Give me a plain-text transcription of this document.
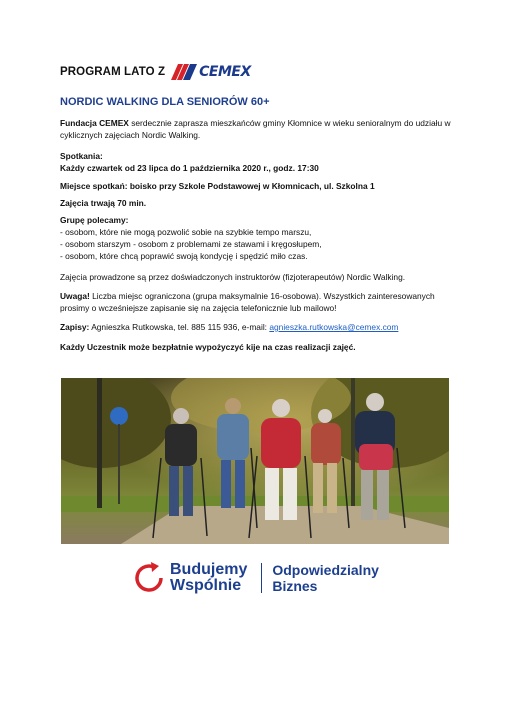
PROGRAM LATO Z CEMEX
NORDIC WALKING DLA SENIORÓW 60+
Fundacja CEMEX serdecznie zaprasza mieszkańców gminy Kłomnice w wieku senioralnym do udziału w cyklicznych zajęciach Nordic Walking.
Spotkania:
Każdy czwartek od 23 lipca do 1 października 2020 r., godz. 17:30
Miejsce spotkań: boisko przy Szkole Podstawowej w Kłomnicach, ul. Szkolna 1
Zajęcia trwają 70 min.
Grupę polecamy:
- osobom, które nie mogą pozwolić sobie na szybkie tempo marszu,
- osobom starszym - osobom z problemami ze stawami i kręgosłupem,
- osobom, które chcą poprawić swoją kondycję i spędzić miło czas.
Zajęcia prowadzone są przez doświadczonych instruktorów (fizjoterapeutów) Nordic Walking.
Uwaga! Liczba miejsc ograniczona (grupa maksymalnie 16-osobowa). Wszystkich zainteresowanych prosimy o wcześniejsze zapisanie się na zajęcia telefonicznie lub mailowo!
Zapisy: Agnieszka Rutkowska, tel. 885 115 936, e-mail: agnieszka.rutkowska@cemex.com
Każdy Uczestnik może bezpłatnie wypożyczyć kije na czas realizacji zajęć.
Budujemy
Wspólnie
Odpowiedzialny
Biznes
